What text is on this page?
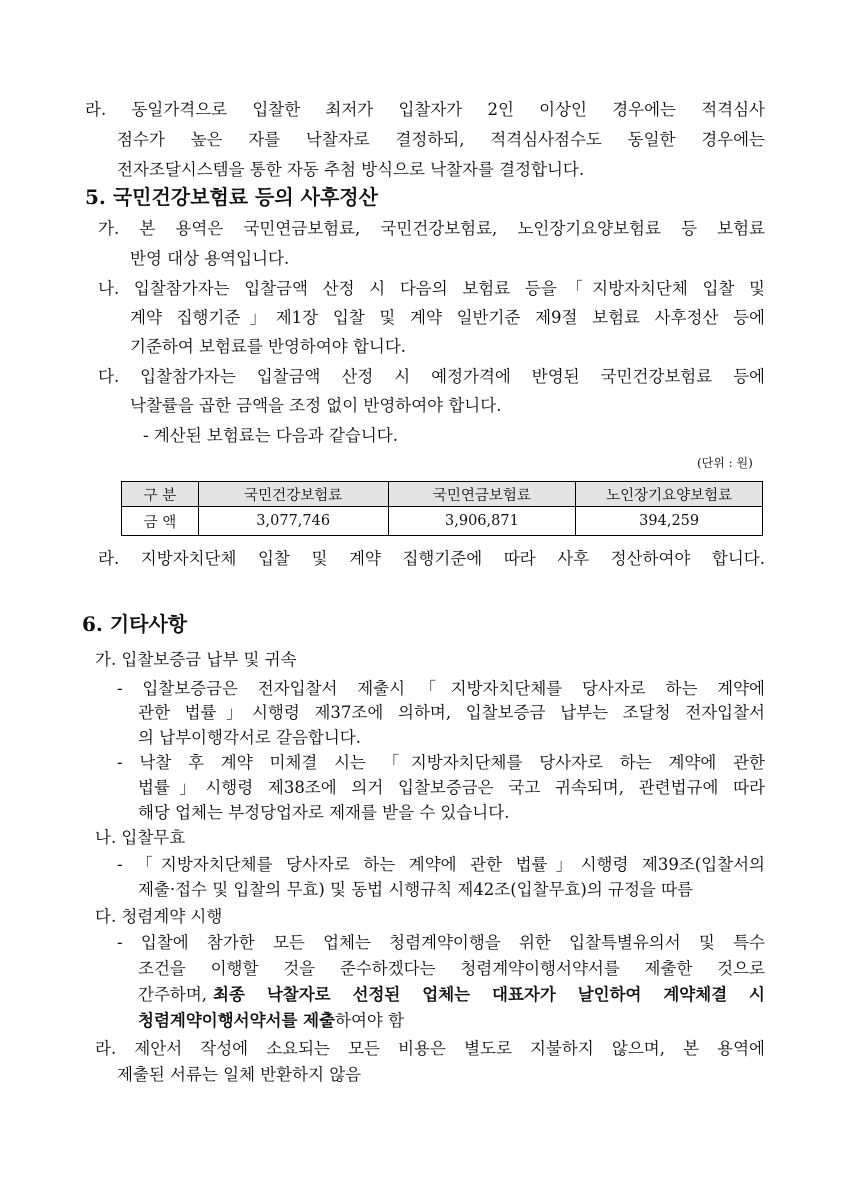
라. 동일가격으로 입찰한 최저가 입찰자가 2인 이상인 경우에는 적격심사
점수가 높은 자를 낙찰자로 결정하되, 적격심사점수도 동일한 경우에는
전자조달시스템을 통한 자동 추첨 방식으로 낙찰자를 결정합니다.
5. 국민건강보험료 등의 사후정산
가. 본 용역은 국민연금보험료, 국민건강보험료, 노인장기요양보험료 등 보험료
반영 대상 용역입니다.
나. 입찰참가자는 입찰금액 산정 시 다음의 보험료 등을「지방자치단체 입찰 및
계약 집행기준」제1장 입찰 및 계약 일반기준 제9절 보험료 사후정산 등에
기준하여 보험료를 반영하여야 합니다.
다. 입찰참가자는 입찰금액 산정 시 예정가격에 반영된 국민건강보험료 등에
낙찰률을 곱한 금액을 조정 없이 반영하여야 합니다.
- 계산된 보험료는 다음과 같습니다.
(단위 : 원)
구 분	국민건강보험료	국민연금보험료	노인장기요양보험료
금 액	3,077,746	3,906,871	394,259
라. 지방자치단체 입찰 및 계약 집행기준에 따라 사후 정산하여야 합니다.
6. 기타사항
가. 입찰보증금 납부 및 귀속
- 입찰보증금은 전자입찰서 제출시「지방자치단체를 당사자로 하는 계약에
관한 법률」시행령 제37조에 의하며, 입찰보증금 납부는 조달청 전자입찰서
의 납부이행각서로 갈음합니다.
- 낙찰 후 계약 미체결 시는 「지방자치단체를 당사자로 하는 계약에 관한
법률」시행령 제38조에 의거 입찰보증금은 국고 귀속되며, 관련법규에 따라
해당 업체는 부정당업자로 제재를 받을 수 있습니다.
나. 입찰무효
- 「지방자치단체를 당사자로 하는 계약에 관한 법률」시행령 제39조(입찰서의
제출·접수 및 입찰의 무효) 및 동법 시행규칙 제42조(입찰무효)의 규정을 따름
다. 청렴계약 시행
- 입찰에 참가한 모든 업체는 청렴계약이행을 위한 입찰특별유의서 및 특수
조건을 이행할 것을 준수하겠다는 청렴계약이행서약서를 제출한 것으로
간주하며, 최종 낙찰자로 선정된 업체는 대표자가 날인하여 계약체결 시
청렴계약이행서약서를 제출하여야 함
라. 제안서 작성에 소요되는 모든 비용은 별도로 지불하지 않으며, 본 용역에
제출된 서류는 일체 반환하지 않음
